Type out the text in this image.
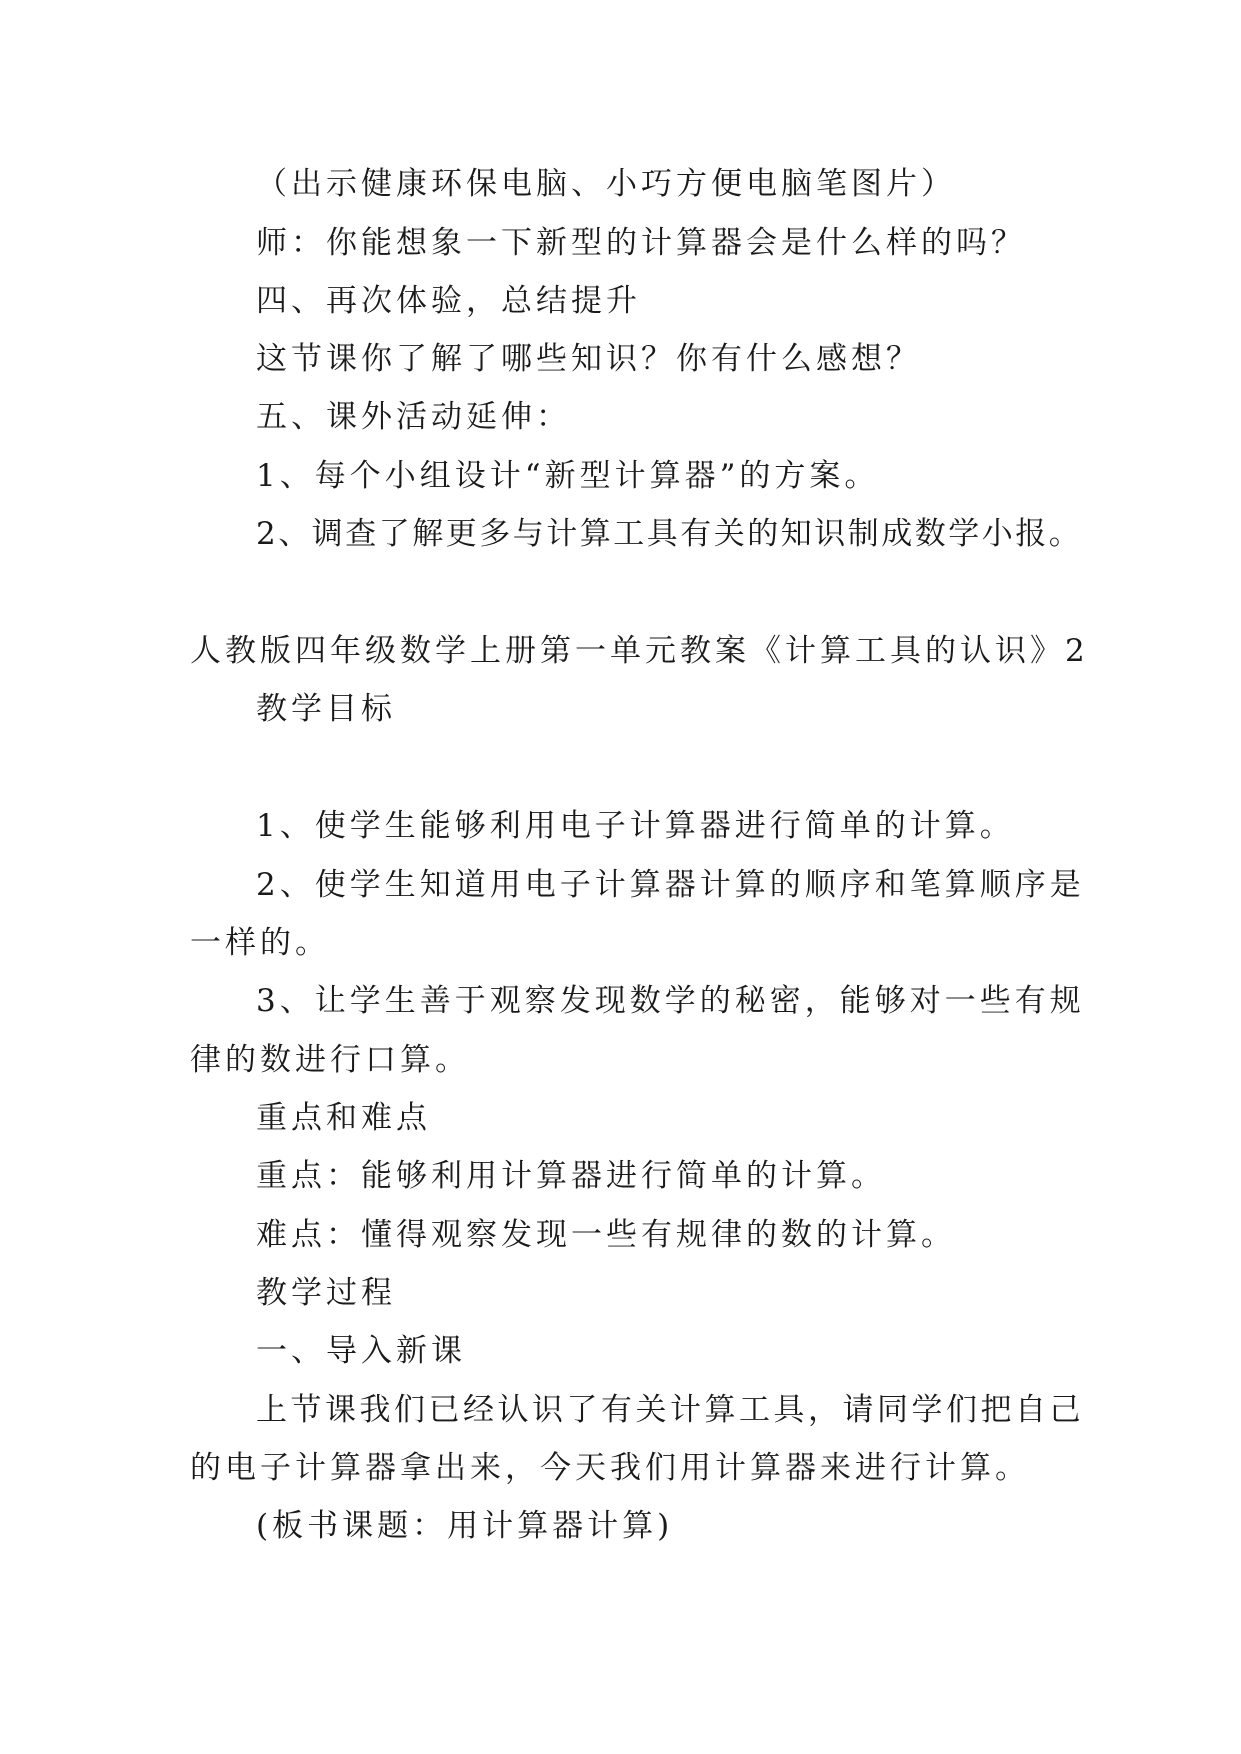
（出示健康环保电脑、小巧方便电脑笔图片）
师：你能想象一下新型的计算器会是什么样的吗？
四、再次体验，总结提升
这节课你了解了哪些知识？你有什么感想？
五、课外活动延伸：
1、每个小组设计“新型计算器”的方案。
2、调查了解更多与计算工具有关的知识制成数学小报。
人教版四年级数学上册第一单元教案《计算工具的认识》2
教学目标
1、使学生能够利用电子计算器进行简单的计算。
2、使学生知道用电子计算器计算的顺序和笔算顺序是
一样的。
3、让学生善于观察发现数学的秘密，能够对一些有规
律的数进行口算。
重点和难点
重点：能够利用计算器进行简单的计算。
难点：懂得观察发现一些有规律的数的计算。
教学过程
一、导入新课
上节课我们已经认识了有关计算工具，请同学们把自己
的电子计算器拿出来，今天我们用计算器来进行计算。
(板书课题：用计算器计算)
